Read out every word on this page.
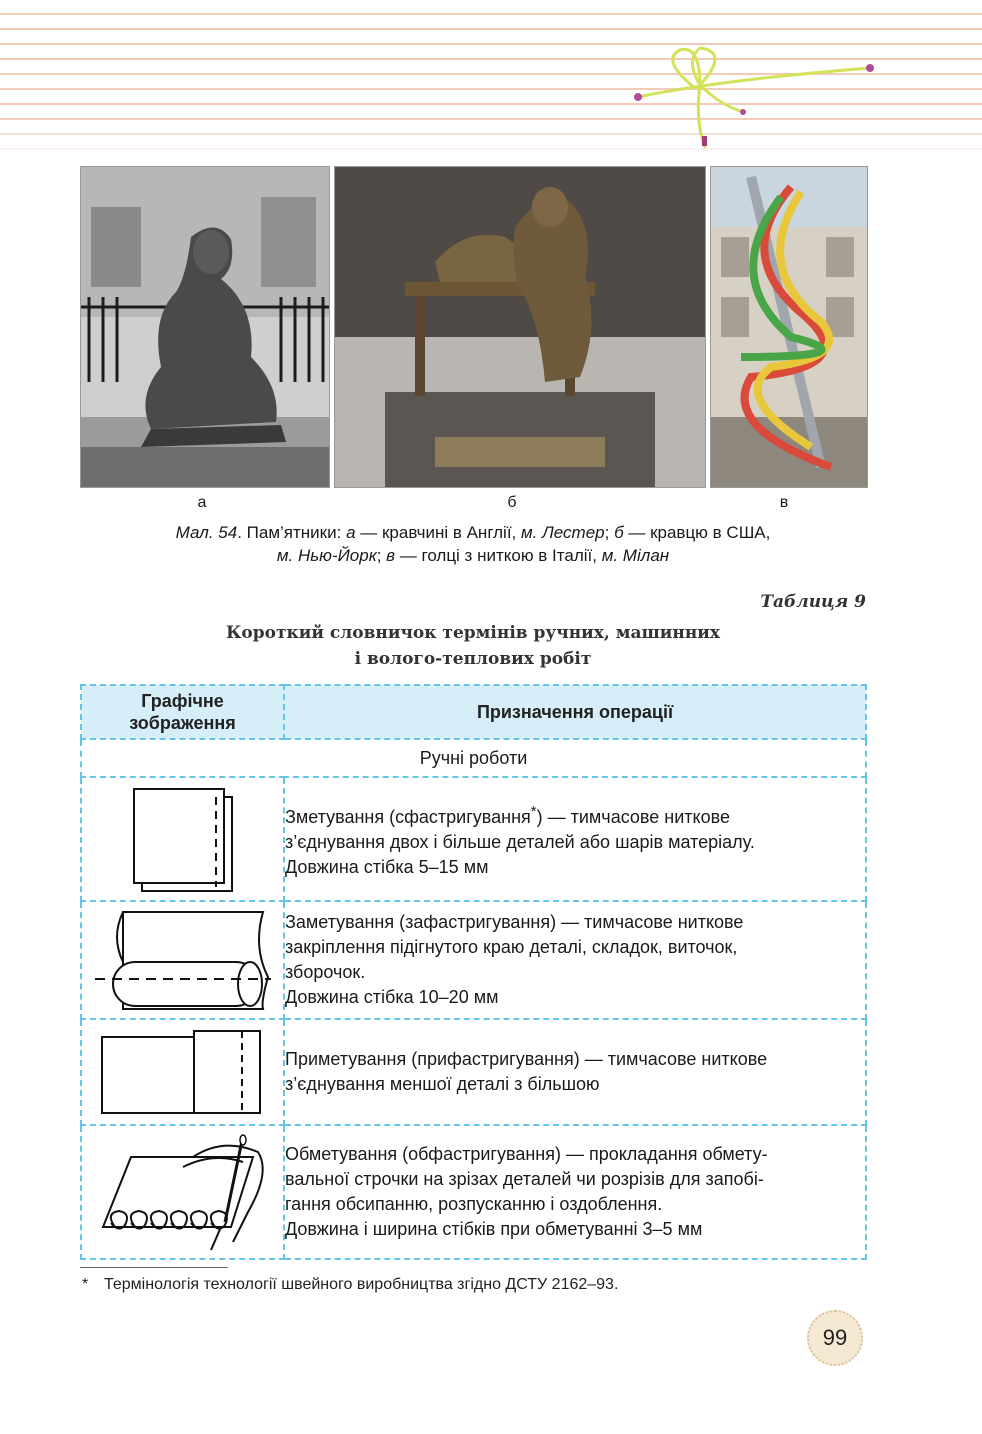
а	б	в
Мал. 54. Пам’ятники: а — кравчині в Англії, м. Лестер; б — кравцю в США,
м. Нью-Йорк; в — голці з ниткою в Італії, м. Мілан
Таблиця 9
Короткий словничок термінів ручних, машинних
і волого-теплових робіт
Графічне
зображення	Призначення операції
Ручні роботи	

	Зметування (сфастригування*) — тимчасове ниткове
з’єднування двох і більше деталей або шарів матеріалу.
Довжина стібка 5–15 мм

	Заметування (зафастригування) — тимчасове ниткове
закріплення підігнутого краю деталі, складок, виточок,
зборочок.
Довжина стібка 10–20 мм

	Приметування (прифастригування) — тимчасове ниткове
з’єднування меншої деталі з більшою

	Обметування (обфастригування) — прокладання обмету-
вальної строчки на зрізах деталей чи розрізів для запобі-
гання обсипанню, розпусканню і оздоблення.
Довжина і ширина стібків при обметуванні 3–5 мм
* Термінологія технології швейного виробництва згідно ДСТУ 2162–93.
99
